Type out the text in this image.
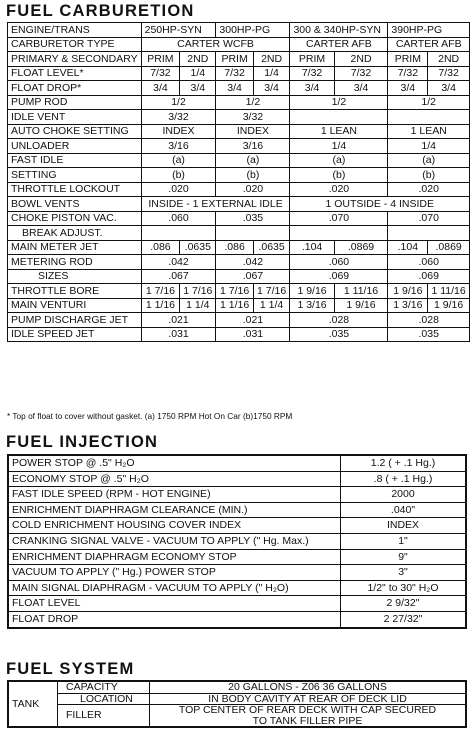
FUEL CARBURETION
ENGINE/TRANS	250HP-SYN		300HP-PG		300 & 340HP-SYN		390HP-PG	
CARBURETOR TYPE	CARTER WCFB				CARTER AFB		CARTER AFB	
PRIMARY & SECONDARY	PRIM	2ND	PRIM	2ND	PRIM	2ND	PRIM	2ND
FLOAT LEVEL*	7/32	1/4	7/32	1/4	7/32	7/32	7/32	7/32
FLOAT DROP*	3/4	3/4	3/4	3/4	3/4	3/4	3/4	3/4
PUMP ROD	1/2		1/2		1/2		1/2	
IDLE VENT	3/32		3/32					
AUTO CHOKE SETTING	INDEX		INDEX		1 LEAN		1 LEAN	
UNLOADER	3/16		3/16		1/4		1/4	
FAST IDLE	(a)		(a)		(a)		(a)	
SETTING	(b)		(b)		(b)		(b)	
THROTTLE LOCKOUT	.020		.020		.020		.020	
BOWL VENTS	INSIDE - 1 EXTERNAL IDLE				1 OUTSIDE - 4 INSIDE			
CHOKE PISTON VAC.	.060		.035		.070		.070	
BREAK ADJUST.								
MAIN METER JET	.086	.0635	.086	.0635	.104	.0869	.104	.0869
METERING ROD	.042		.042		.060		.060	
SIZES	.067		.067		.069		.069	
THROTTLE BORE	1 7/16	1 7/16	1 7/16	1 7/16	1 9/16	1 11/16	1 9/16	1 11/16
MAIN VENTURI	1 1/16	1 1/4	1 1/16	1 1/4	1 3/16	1 9/16	1 3/16	1 9/16
PUMP DISCHARGE JET	.021		.021		.028		.028	
IDLE SPEED JET	.031		.031		.035		.035	
* Top of float to cover without gasket. (a) 1750 RPM Hot On Car (b)1750 RPM
FUEL INJECTION
POWER STOP @ .5" H₂O	1.2 ( + .1 Hg.)
ECONOMY STOP @ .5" H₂O	.8 ( + .1 Hg.)
FAST IDLE SPEED (RPM - HOT ENGINE)	2000
ENRICHMENT DIAPHRAGM CLEARANCE (MIN.)	.040"
COLD ENRICHMENT HOUSING COVER INDEX	INDEX
CRANKING SIGNAL VALVE - VACUUM TO APPLY (" Hg. Max.)	1"
ENRICHMENT DIAPHRAGM ECONOMY STOP	9"
VACUUM TO APPLY (" Hg.) POWER STOP	3"
MAIN SIGNAL DIAPHRAGM - VACUUM TO APPLY (" H₂O)	1/2" to 30" H₂O
FLOAT LEVEL	2 9/32"
FLOAT DROP	2 27/32"
FUEL SYSTEM
TANK	CAPACITY	20 GALLONS - Z06 36 GALLONS
	LOCATION	IN BODY CAVITY AT REAR OF DECK LID
	FILLER	TOP CENTER OF REAR DECK WITH CAP SECURED
		TO TANK FILLER PIPE
